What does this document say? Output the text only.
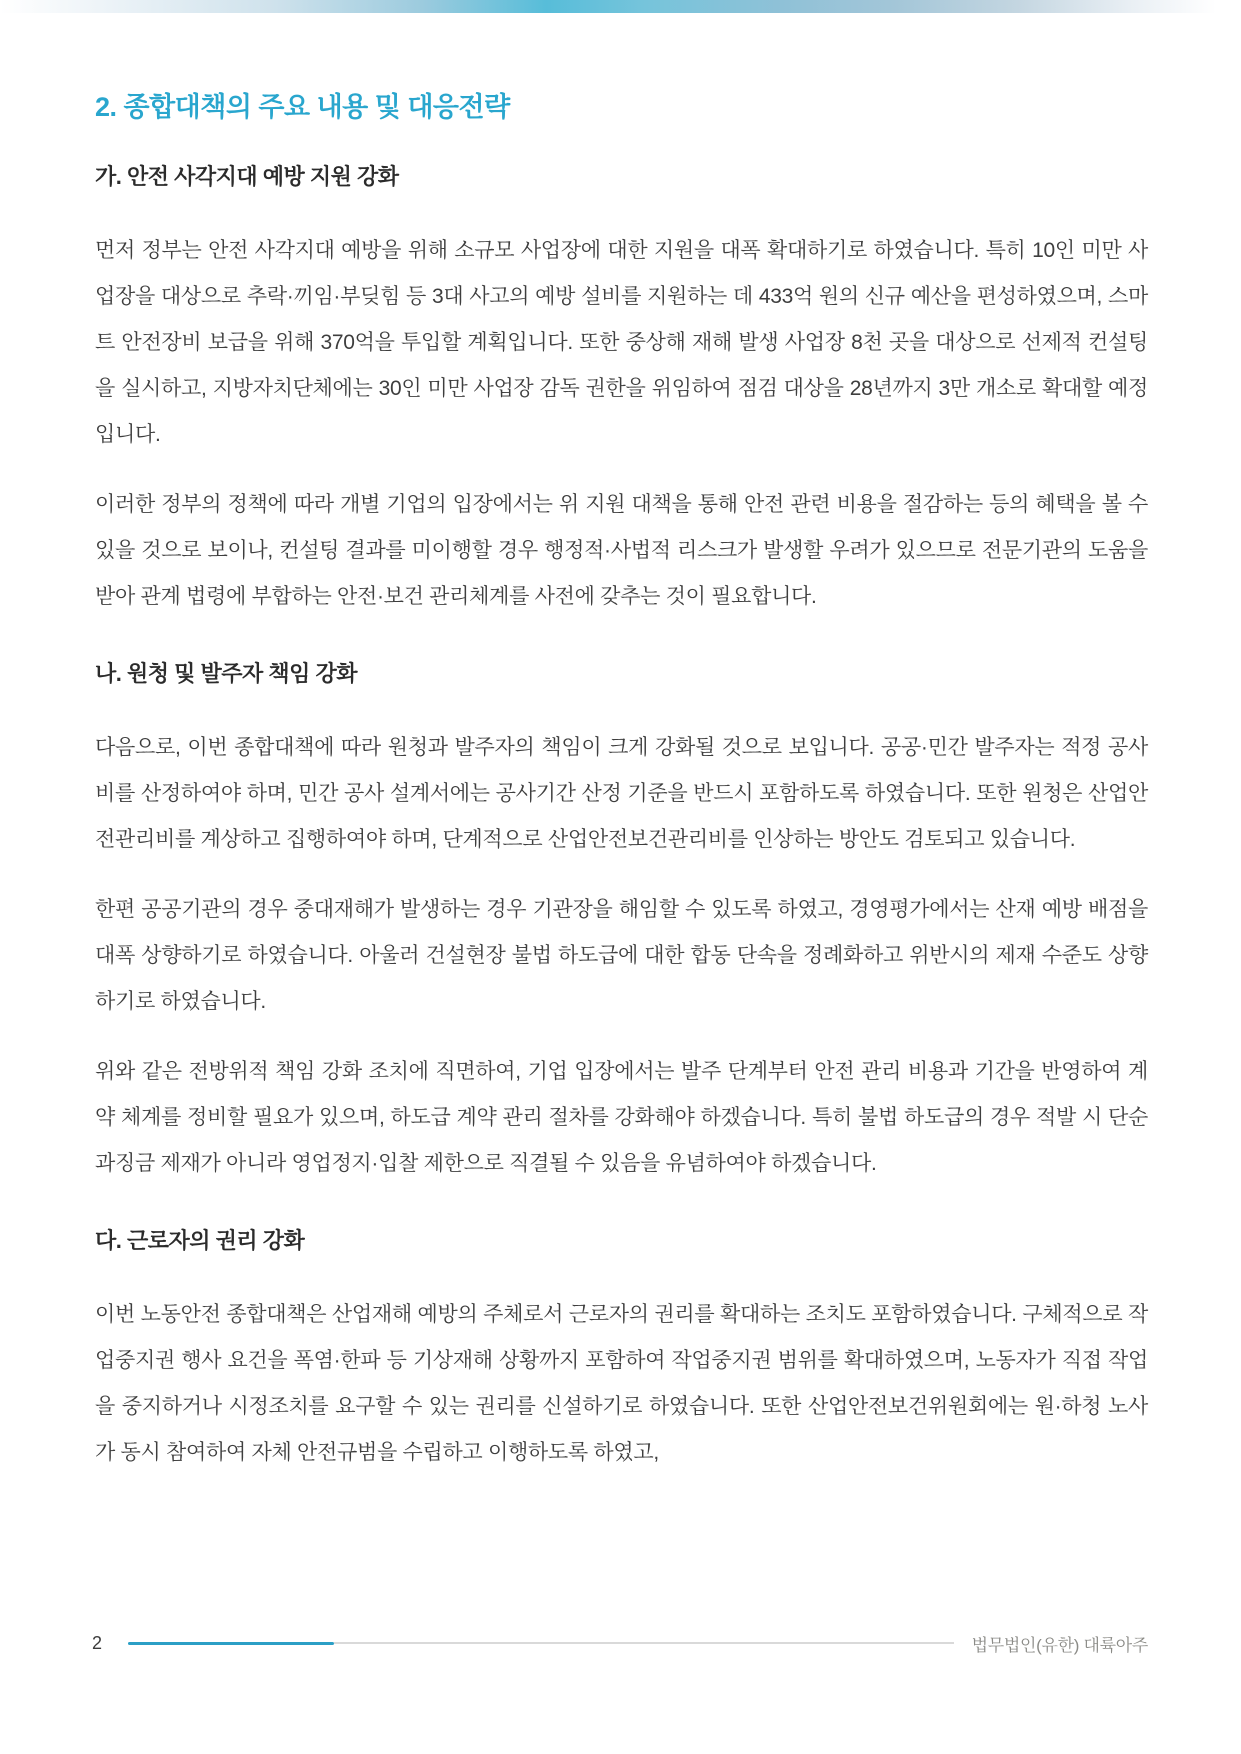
2. 종합대책의 주요 내용 및 대응전략
가. 안전 사각지대 예방 지원 강화

먼저 정부는 안전 사각지대 예방을 위해 소규모 사업장에 대한 지원을 대폭 확대하기로 하였습니다. 특히 10인 미만 사업장을 대상으로 추락·끼임·부딪힘 등 3대 사고의 예방 설비를 지원하는 데 433억 원의 신규 예산을 편성하였으며, 스마트 안전장비 보급을 위해 370억을 투입할 계획입니다. 또한 중상해 재해 발생 사업장 8천 곳을 대상으로 선제적 컨설팅을 실시하고, 지방자치단체에는 30인 미만 사업장 감독 권한을 위임하여 점검 대상을 28년까지 3만 개소로 확대할 예정입니다.

이러한 정부의 정책에 따라 개별 기업의 입장에서는 위 지원 대책을 통해 안전 관련 비용을 절감하는 등의 혜택을 볼 수 있을 것으로 보이나, 컨설팅 결과를 미이행할 경우 행정적·사법적 리스크가 발생할 우려가 있으므로 전문기관의 도움을 받아 관계 법령에 부합하는 안전·보건 관리체계를 사전에 갖추는 것이 필요합니다.

나. 원청 및 발주자 책임 강화

다음으로, 이번 종합대책에 따라 원청과 발주자의 책임이 크게 강화될 것으로 보입니다. 공공·민간 발주자는 적정 공사비를 산정하여야 하며, 민간 공사 설계서에는 공사기간 산정 기준을 반드시 포함하도록 하였습니다. 또한 원청은 산업안전관리비를 계상하고 집행하여야 하며, 단계적으로 산업안전보건관리비를 인상하는 방안도 검토되고 있습니다.

한편 공공기관의 경우 중대재해가 발생하는 경우 기관장을 해임할 수 있도록 하였고, 경영평가에서는 산재 예방 배점을 대폭 상향하기로 하였습니다. 아울러 건설현장 불법 하도급에 대한 합동 단속을 정례화하고 위반시의 제재 수준도 상향하기로 하였습니다.

위와 같은 전방위적 책임 강화 조치에 직면하여, 기업 입장에서는 발주 단계부터 안전 관리 비용과 기간을 반영하여 계약 체계를 정비할 필요가 있으며, 하도급 계약 관리 절차를 강화해야 하겠습니다. 특히 불법 하도급의 경우 적발 시 단순 과징금 제재가 아니라 영업정지·입찰 제한으로 직결될 수 있음을 유념하여야 하겠습니다.

다. 근로자의 권리 강화

이번 노동안전 종합대책은 산업재해 예방의 주체로서 근로자의 권리를 확대하는 조치도 포함하였습니다. 구체적으로 작업중지권 행사 요건을 폭염·한파 등 기상재해 상황까지 포함하여 작업중지권 범위를 확대하였으며, 노동자가 직접 작업을 중지하거나 시정조치를 요구할 수 있는 권리를 신설하기로 하였습니다. 또한 산업안전보건위원회에는 원·하청 노사가 동시 참여하여 자체 안전규범을 수립하고 이행하도록 하였고,

2	법무법인(유한) 대륙아주
